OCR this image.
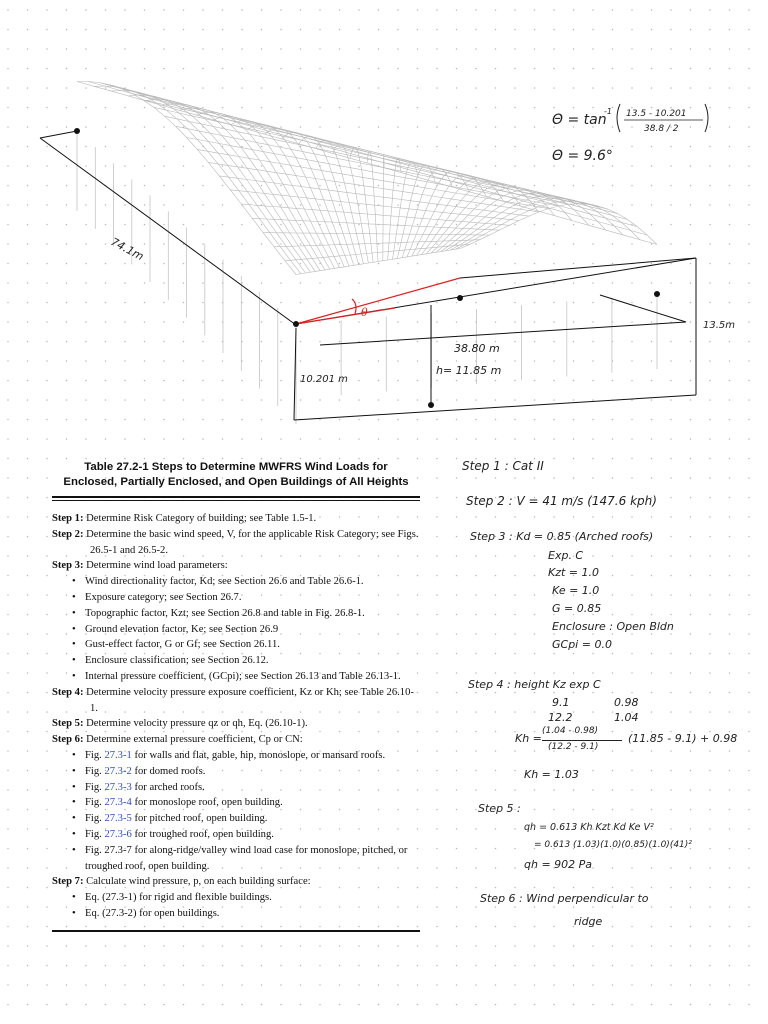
74.1m
38.80 m
13.5m
10.201 m
h= 11.85 m
θ
Θ = tan
-1 13.5 - 10.201
38.8 / 2
Θ = 9.6°
Table 27.2-1 Steps to Determine MWFRS Wind Loads for
Enclosed, Partially Enclosed, and Open Buildings of All Heights

Step 1: Determine Risk Category of building; see Table 1.5-1.

Step 2: Determine the basic wind speed, V, for the applicable Risk Category; see Figs. 26.5-1 and 26.5-2.

Step 3: Determine wind load parameters:

• Wind directionality factor, Kd; see Section 26.6 and Table 26.6-1.

• Exposure category; see Section 26.7.

• Topographic factor, Kzt; see Section 26.8 and table in Fig. 26.8-1.

• Ground elevation factor, Ke; see Section 26.9

• Gust-effect factor, G or Gf; see Section 26.11.

• Enclosure classification; see Section 26.12.

• Internal pressure coefficient, (GCpi); see Section 26.13 and Table 26.13-1.

Step 4: Determine velocity pressure exposure coefficient, Kz or Kh; see Table 26.10-1.

Step 5: Determine velocity pressure qz or qh, Eq. (26.10-1).

Step 6: Determine external pressure coefficient, Cp or CN:

• Fig. 27.3-1 for walls and flat, gable, hip, monoslope, or mansard roofs.

• Fig. 27.3-2 for domed roofs.

• Fig. 27.3-3 for arched roofs.

• Fig. 27.3-4 for monoslope roof, open building.

• Fig. 27.3-5 for pitched roof, open building.

• Fig. 27.3-6 for troughed roof, open building.

• Fig. 27.3-7 for along-ridge/valley wind load case for monoslope, pitched, or troughed roof, open building.

Step 7: Calculate wind pressure, p, on each building surface:

• Eq. (27.3-1) for rigid and flexible buildings.

• Eq. (27.3-2) for open buildings.

Step 1 : Cat II
Step 2 : V = 41 m/s (147.6 kph)
Step 3 : Kd = 0.85 (Arched roofs)
Exp. C
Kzt = 1.0
Ke = 1.0
G = 0.85
Enclosure : Open Bldn
GCpi = 0.0
Step 4 : height Kz exp C
9.1	0.98
12.2	1.04
Kh =
(1.04 - 0.98)
(12.2 - 9.1)
(11.85 - 9.1) + 0.98
Kh = 1.03
Step 5 :
qh = 0.613 Kh Kzt Kd Ke V²
= 0.613 (1.03)(1.0)(0.85)(1.0)(41)²
qh = 902 Pa
Step 6 : Wind perpendicular to
ridge
